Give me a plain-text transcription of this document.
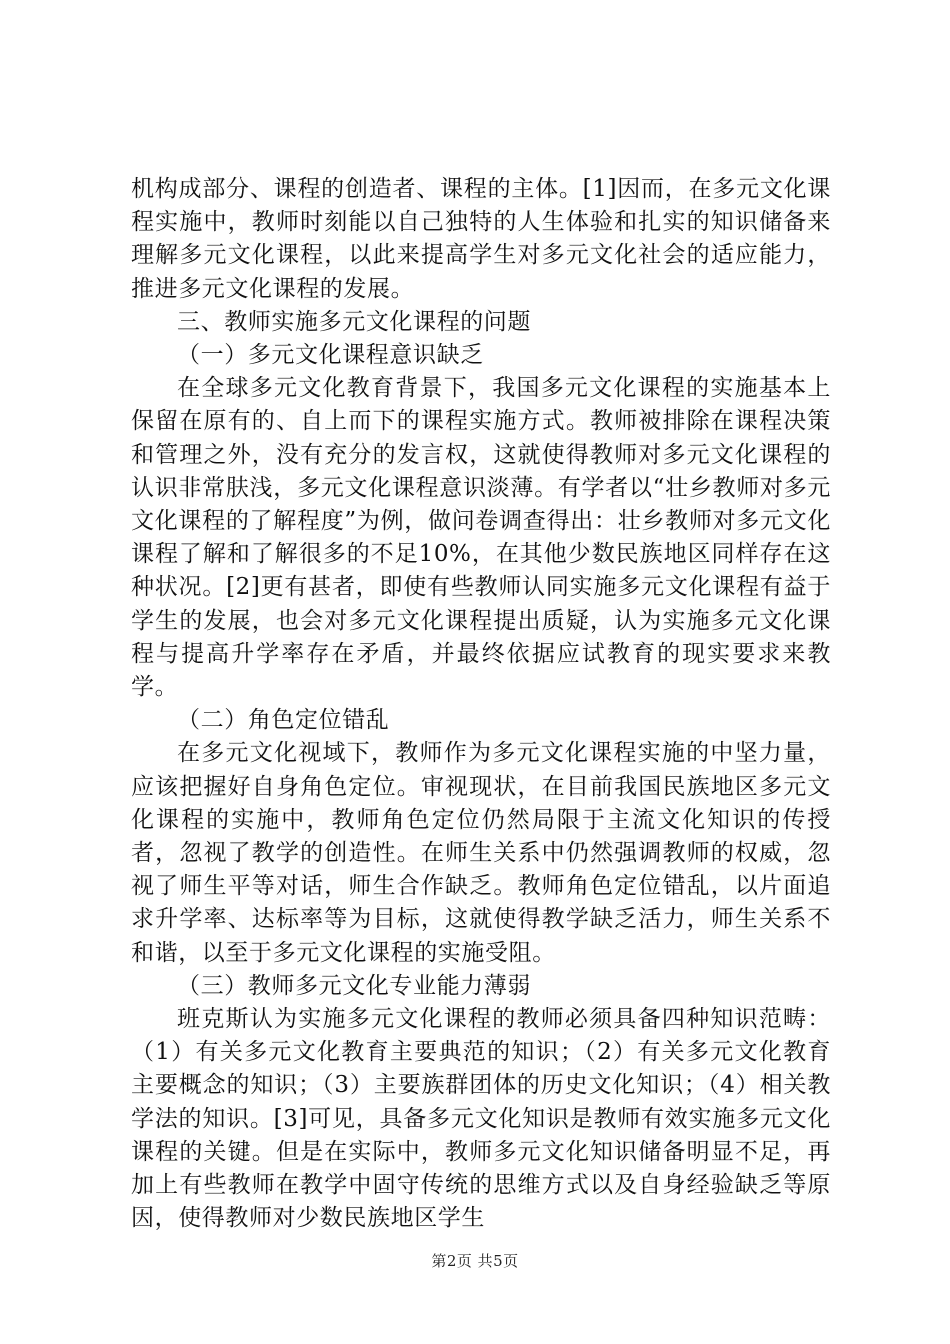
机构成部分、课程的创造者、课程的主体。[1]因而，在多元文化课程实施中，教师时刻能以自己独特的人生体验和扎实的知识储备来理解多元文化课程，以此来提高学生对多元文化社会的适应能力，推进多元文化课程的发展。

三、教师实施多元文化课程的问题

（一）多元文化课程意识缺乏

在全球多元文化教育背景下，我国多元文化课程的实施基本上保留在原有的、自上而下的课程实施方式。教师被排除在课程决策和管理之外，没有充分的发言权，这就使得教师对多元文化课程的认识非常肤浅，多元文化课程意识淡薄。有学者以“壮乡教师对多元文化课程的了解程度”为例，做问卷调查得出：壮乡教师对多元文化课程了解和了解很多的不足10%，在其他少数民族地区同样存在这种状况。[2]更有甚者，即使有些教师认同实施多元文化课程有益于学生的发展，也会对多元文化课程提出质疑，认为实施多元文化课程与提高升学率存在矛盾，并最终依据应试教育的现实要求来教学。

（二）角色定位错乱

在多元文化视域下，教师作为多元文化课程实施的中坚力量，应该把握好自身角色定位。审视现状，在目前我国民族地区多元文化课程的实施中，教师角色定位仍然局限于主流文化知识的传授者，忽视了教学的创造性。在师生关系中仍然强调教师的权威，忽视了师生平等对话，师生合作缺乏。教师角色定位错乱，以片面追求升学率、达标率等为目标，这就使得教学缺乏活力，师生关系不和谐，以至于多元文化课程的实施受阻。

（三）教师多元文化专业能力薄弱

班克斯认为实施多元文化课程的教师必须具备四种知识范畴：（1）有关多元文化教育主要典范的知识；（2）有关多元文化教育主要概念的知识；（3）主要族群团体的历史文化知识；（4）相关教学法的知识。[3]可见，具备多元文化知识是教师有效实施多元文化课程的关键。但是在实际中，教师多元文化知识储备明显不足，再加上有些教师在教学中固守传统的思维方式以及自身经验缺乏等原因，使得教师对少数民族地区学生

第2页 共5页
